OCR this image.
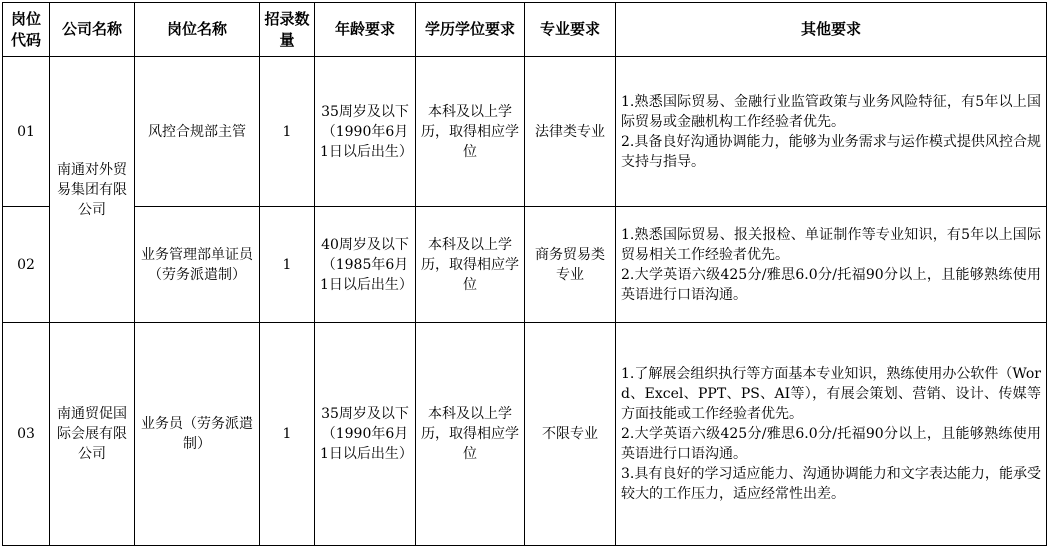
岗位代码	公司名称	岗位名称	招录数量	年龄要求	学历学位要求	专业要求	其他要求
01	南通对外贸易集团有限公司	风控合规部主管	1	35周岁及以下（1990年6月1日以后出生）	本科及以上学历，取得相应学位	法律类专业	1.熟悉国际贸易、金融行业监管政策与业务风险特征，有5年以上国际贸易或金融机构工作经验者优先。
2.具备良好沟通协调能力，能够为业务需求与运作模式提供风控合规支持与指导。

02		业务管理部单证员（劳务派遣制）	1	40周岁及以下（1985年6月1日以后出生）	本科及以上学历，取得相应学位	商务贸易类专业	1.熟悉国际贸易、报关报检、单证制作等专业知识，有5年以上国际贸易相关工作经验者优先。
2.大学英语六级425分/雅思6.0分/托福90分以上，且能够熟练使用英语进行口语沟通。

03	南通贸促国际会展有限公司	业务员（劳务派遣制）	1	35周岁及以下（1990年6月1日以后出生）	本科及以上学历，取得相应学位	不限专业	1.了解展会组织执行等方面基本专业知识，熟练使用办公软件（Word、Excel、PPT、PS、AI等），有展会策划、营销、设计、传媒等方面技能或工作经验者优先。
2.大学英语六级425分/雅思6.0分/托福90分以上，且能够熟练使用英语进行口语沟通。
3.具有良好的学习适应能力、沟通协调能力和文字表达能力，能承受较大的工作压力，适应经常性出差。
